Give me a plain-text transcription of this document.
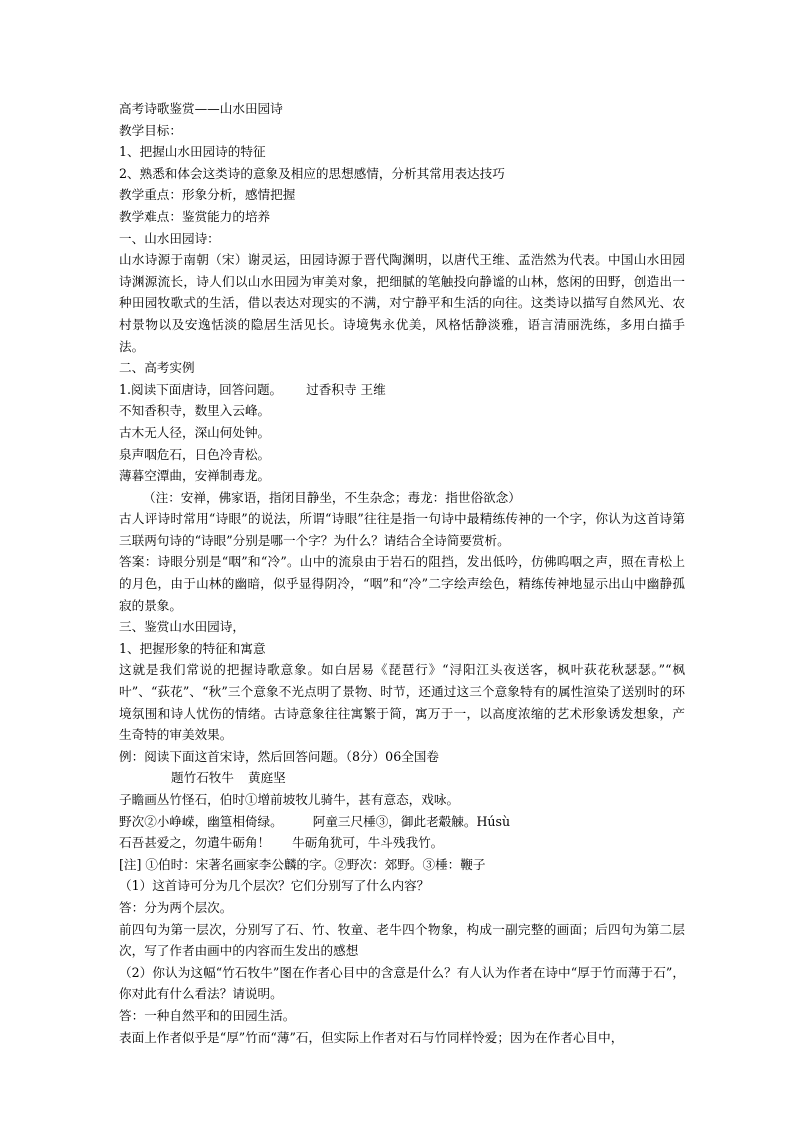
高考诗歌鉴赏——山水田园诗
教学目标：
1、把握山水田园诗的特征
2、熟悉和体会这类诗的意象及相应的思想感情，分析其常用表达技巧
教学重点：形象分析，感情把握
教学难点：鉴赏能力的培养
一、山水田园诗：
山水诗源于南朝（宋）谢灵运，田园诗源于晋代陶渊明，以唐代王维、孟浩然为代表。中国山水田园诗渊源流长，诗人们以山水田园为审美对象，把细腻的笔触投向静谧的山林，悠闲的田野，创造出一种田园牧歌式的生活，借以表达对现实的不满，对宁静平和生活的向往。这类诗以描写自然风光、农村景物以及安逸恬淡的隐居生活见长。诗境隽永优美，风格恬静淡雅，语言清丽洗练，多用白描手法。
二、高考实例
1.阅读下面唐诗，回答问题。 过香积寺 王维
不知香积寺，数里入云峰。
古木无人径，深山何处钟。
泉声咽危石，日色冷青松。
薄暮空潭曲，安禅制毒龙。
（注：安禅，佛家语，指闭目静坐，不生杂念；毒龙：指世俗欲念）
古人评诗时常用“诗眼”的说法，所谓“诗眼”往往是指一句诗中最精练传神的一个字，你认为这首诗第三联两句诗的“诗眼”分别是哪一个字？为什么？请结合全诗简要赏析。
答案：诗眼分别是“咽”和“冷”。山中的流泉由于岩石的阻挡，发出低吟，仿佛呜咽之声，照在青松上的月色，由于山林的幽暗，似乎显得阴冷，“咽”和“冷”二字绘声绘色，精练传神地显示出山中幽静孤寂的景象。
三、鉴赏山水田园诗，
1、把握形象的特征和寓意
这就是我们常说的把握诗歌意象。如白居易《琵琶行》“浔阳江头夜送客，枫叶荻花秋瑟瑟。”“枫叶”、“荻花”、“秋”三个意象不光点明了景物、时节，还通过这三个意象特有的属性渲染了送别时的环境氛围和诗人忧伤的情绪。古诗意象往往寓繁于简，寓万于一，以高度浓缩的艺术形象诱发想象，产生奇特的审美效果。
例：阅读下面这首宋诗，然后回答问题。（8分）06全国卷
题竹石牧牛 黄庭坚
子瞻画丛竹怪石，伯时①增前坡牧儿骑牛，甚有意态，戏咏。
野次②小峥嵘，幽篁相倚绿。 阿童三尺棰③，御此老觳觫。Húsù
石吾甚爱之，勿遣牛砺角！ 牛砺角犹可，牛斗残我竹。
[注] ①伯时：宋著名画家李公麟的字。②野次：郊野。③棰：鞭子
（1）这首诗可分为几个层次？它们分别写了什么内容？
答：分为两个层次。
前四句为第一层次，分别写了石、竹、牧童、老牛四个物象，构成一副完整的画面；后四句为第二层次，写了作者由画中的内容而生发出的感想
（2）你认为这幅“竹石牧牛”图在作者心目中的含意是什么？有人认为作者在诗中“厚于竹而薄于石”，你对此有什么看法？请说明。
答：一种自然平和的田园生活。
表面上作者似乎是“厚”竹而“薄”石，但实际上作者对石与竹同样怜爱；因为在作者心目中，
